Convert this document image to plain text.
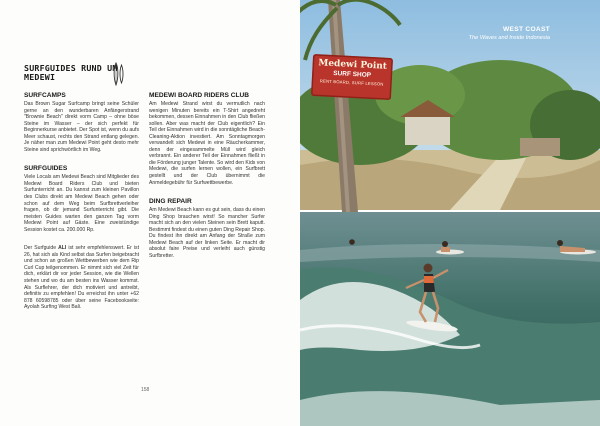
SURFGUIDES RUND UM MEDEWI
SURFCAMPS
Das Brown Sugar Surfcamp bringt seine Schüler gerne an den wunderbaren Anfängerstrand "Brownie Beach" direkt vorm Camp – ohne böse Steine im Wasser – der sich perfekt für Beginnerkurse anbietet. Der Spot ist, wenn du aufs Meer schaust, rechts den Strand entlang gelegen. Je näher man zum Medewi Point geht desto mehr Steine sind sprichwörtlich im Weg.
SURFGUIDES
Viele Locals am Medewi Beach sind Mitglieder des Medewi Board Riders Club und bieten Surfunterricht an. Du kannst zum kleinen Pavillon des Clubs direkt am Medewi Beach gehen oder schon auf dem Weg beim Surfbrettverleiher fragen, ob dir jemand Surfunterricht gibt. Die meisten Guides warten den ganzen Tag vorm Medewi Point auf Gäste. Eine zweistündige Session kostet ca. 200.000 Rp.
Der Surfguide ALI ist sehr empfehlenswert. Er ist 26, hat sich als Kind selbst das Surfen beigebracht und schon an großen Wettbewerben wie dem Rip Curl Cup teilgenommen. Er nimmt sich viel Zeit für dich, erklärt dir vor jeder Session, wie die Wellen stehen und wo du am besten ins Wasser kommst. Als Surflehrer, der dich motiviert und antreibt, definitiv zu empfehlen! Du erreichst ihn unter +62 878 60598785 oder über seine Facebookseite: Ayolah Surfing West Bali.
MEDEWI BOARD RIDERS CLUB
Am Medewi Strand wirst du vermutlich nach wenigen Minuten bereits ein T-Shirt angedreht bekommen, dessen Einnahmen in den Club fließen sollen. Aber was macht der Club eigentlich? Ein Teil der Einnahmen wird in die sonntägliche Beach-Cleaning-Aktion investiert. Am Sonntagmorgen verwandelt sich Medewi in eine Räucherkammer, denn der eingesammelte Müll wird gleich verbrannt. Ein anderer Teil der Einnahmen fließt in die Förderung junger Talente. So wird den Kids von Medewi, die surfen lernen wollen, ein Surfbrett gestellt und der Club übernimmt die Anmeldegebühr für Surfwettbewerbe.
DING REPAIR
Am Medewi Beach kann es gut sein, dass du einen Ding Shop brauchen wirst! So mancher Surfer macht sich an den vielen Steinen sein Brett kaputt. Bestimmt findest du einen guten Ding Repair Shop. Du findest ihn direkt am Anfang der Straße zum Medewi Beach auf der linken Seite. Er macht dir absolut faire Preise und verleiht auch günstig Surfbretter.
158
WEST COAST
The Waves and Inside Indonesia
Medewi Point
SURF SHOP
RENT BOARD, SURF LESSON
